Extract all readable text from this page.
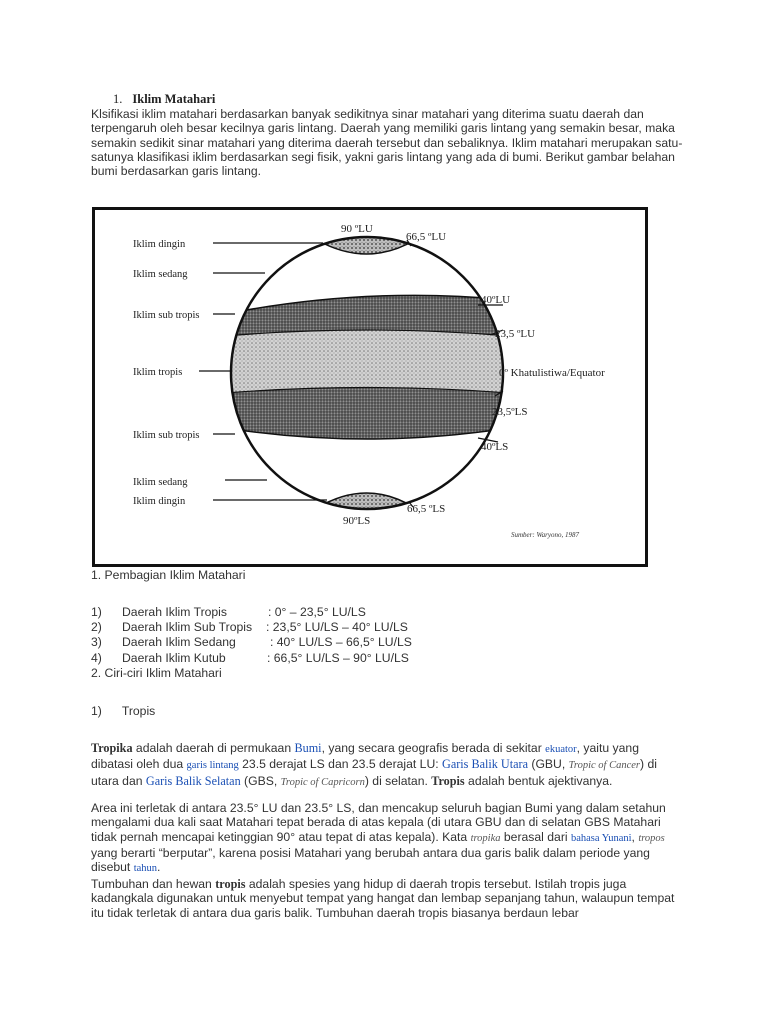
1. Iklim Matahari
Klsifikasi iklim matahari berdasarkan banyak sedikitnya sinar matahari yang diterima suatu daerah dan terpengaruh oleh besar kecilnya garis lintang. Daerah yang memiliki garis lintang yang semakin besar, maka semakin sedikit sinar matahari yang diterima daerah tersebut dan sebaliknya. Iklim matahari merupakan satu-satunya klasifikasi iklim berdasarkan segi fisik, yakni garis lintang yang ada di bumi. Berikut gambar belahan bumi berdasarkan garis lintang.
Iklim dingin
Iklim sedang
Iklim sub tropis
Iklim tropis
Iklim sub tropis
Iklim sedang
Iklim dingin
90 ºLU
90ºLS
66,5 ºLU
40ºLU
23,5 ºLU
0º Khatulistiwa/Equator
23,5ºLS
40ºLS
66,5 ºLS
Sumber: Waryono, 1987
1. Pembagian Iklim Matahari
1) Daerah Iklim Tropis	: 0° – 23,5° LU/LS
2) Daerah Iklim Sub Tropis : 23,5° LU/LS – 40° LU/LS
3) Daerah Iklim Sedang	: 40° LU/LS – 66,5° LU/LS
4) Daerah Iklim Kutub	: 66,5° LU/LS – 90° LU/LS
2. Ciri-ciri Iklim Matahari
1) Tropis
Tropika adalah daerah di permukaan Bumi, yang secara geografis berada di sekitar ekuator, yaitu yang dibatasi oleh dua garis lintang 23.5 derajat LS dan 23.5 derajat LU: Garis Balik Utara (GBU, Tropic of Cancer) di utara dan Garis Balik Selatan (GBS, Tropic of Capricorn) di selatan. Tropis adalah bentuk ajektivanya.
Area ini terletak di antara 23.5° LU dan 23.5° LS, dan mencakup seluruh bagian Bumi yang dalam setahun mengalami dua kali saat Matahari tepat berada di atas kepala (di utara GBU dan di selatan GBS Matahari tidak pernah mencapai ketinggian 90° atau tepat di atas kepala). Kata tropika berasal dari bahasa Yunani, tropos yang berarti “berputar”, karena posisi Matahari yang berubah antara dua garis balik dalam periode yang disebut tahun.
Tumbuhan dan hewan tropis adalah spesies yang hidup di daerah tropis tersebut. Istilah tropis juga kadangkala digunakan untuk menyebut tempat yang hangat dan lembap sepanjang tahun, walaupun tempat itu tidak terletak di antara dua garis balik. Tumbuhan daerah tropis biasanya berdaun lebar
